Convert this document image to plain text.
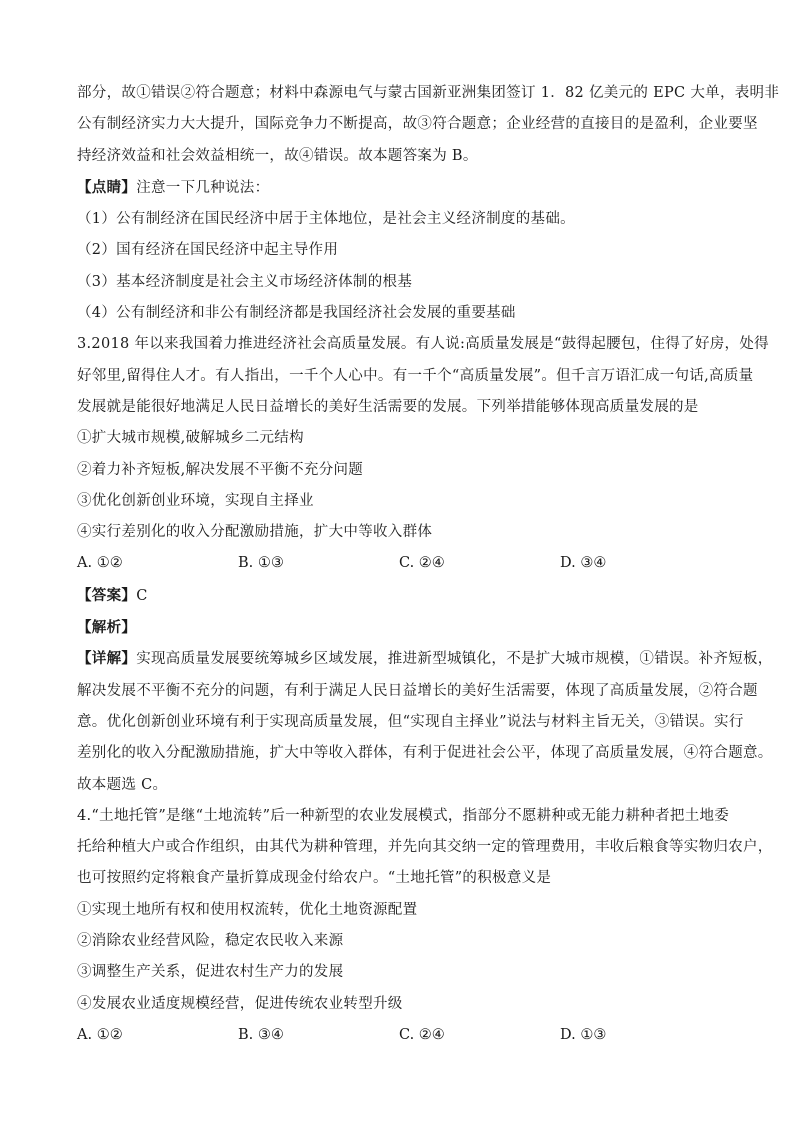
部分，故①错误②符合题意；材料中森源电气与蒙古国新亚洲集团签订 1．82 亿美元的 EPC 大单，表明非

公有制经济实力大大提升，国际竞争力不断提高，故③符合题意；企业经营的直接目的是盈利，企业要坚

持经济效益和社会效益相统一，故④错误。故本题答案为 B。

【点睛】注意一下几种说法：

（1）公有制经济在国民经济中居于主体地位，是社会主义经济制度的基础。

（2）国有经济在国民经济中起主导作用

（3）基本经济制度是社会主义市场经济体制的根基

（4）公有制经济和非公有制经济都是我国经济社会发展的重要基础

3.2018 年以来我国着力推进经济社会高质量发展。有人说:高质量发展是“鼓得起腰包，住得了好房，处得

好邻里,留得住人才。有人指出，一千个人心中。有一千个“高质量发展”。但千言万语汇成一句话,高质量

发展就是能很好地满足人民日益增长的美好生活需要的发展。下列举措能够体现高质量发展的是

①扩大城市规模,破解城乡二元结构

②着力补齐短板,解决发展不平衡不充分问题

③优化创新创业环境，实现自主择业

④实行差别化的收入分配激励措施，扩大中等收入群体

A. ①②	B. ①③	C. ②④	D. ③④

【答案】C

【解析】

【详解】实现高质量发展要统筹城乡区域发展，推进新型城镇化，不是扩大城市规模，①错误。补齐短板，

解决发展不平衡不充分的问题，有利于满足人民日益增长的美好生活需要，体现了高质量发展，②符合题

意。优化创新创业环境有利于实现高质量发展，但“实现自主择业”说法与材料主旨无关，③错误。实行

差别化的收入分配激励措施，扩大中等收入群体，有利于促进社会公平，体现了高质量发展，④符合题意。

故本题选 C。

4.“土地托管”是继“土地流转”后一种新型的农业发展模式，指部分不愿耕种或无能力耕种者把土地委

托给种植大户或合作组织，由其代为耕种管理，并先向其交纳一定的管理费用，丰收后粮食等实物归农户，

也可按照约定将粮食产量折算成现金付给农户。“土地托管”的积极意义是

①实现土地所有权和使用权流转，优化土地资源配置

②消除农业经营风险，稳定农民收入来源

③调整生产关系，促进农村生产力的发展

④发展农业适度规模经营，促进传统农业转型升级

A. ①②	B. ③④	C. ②④	D. ①③
